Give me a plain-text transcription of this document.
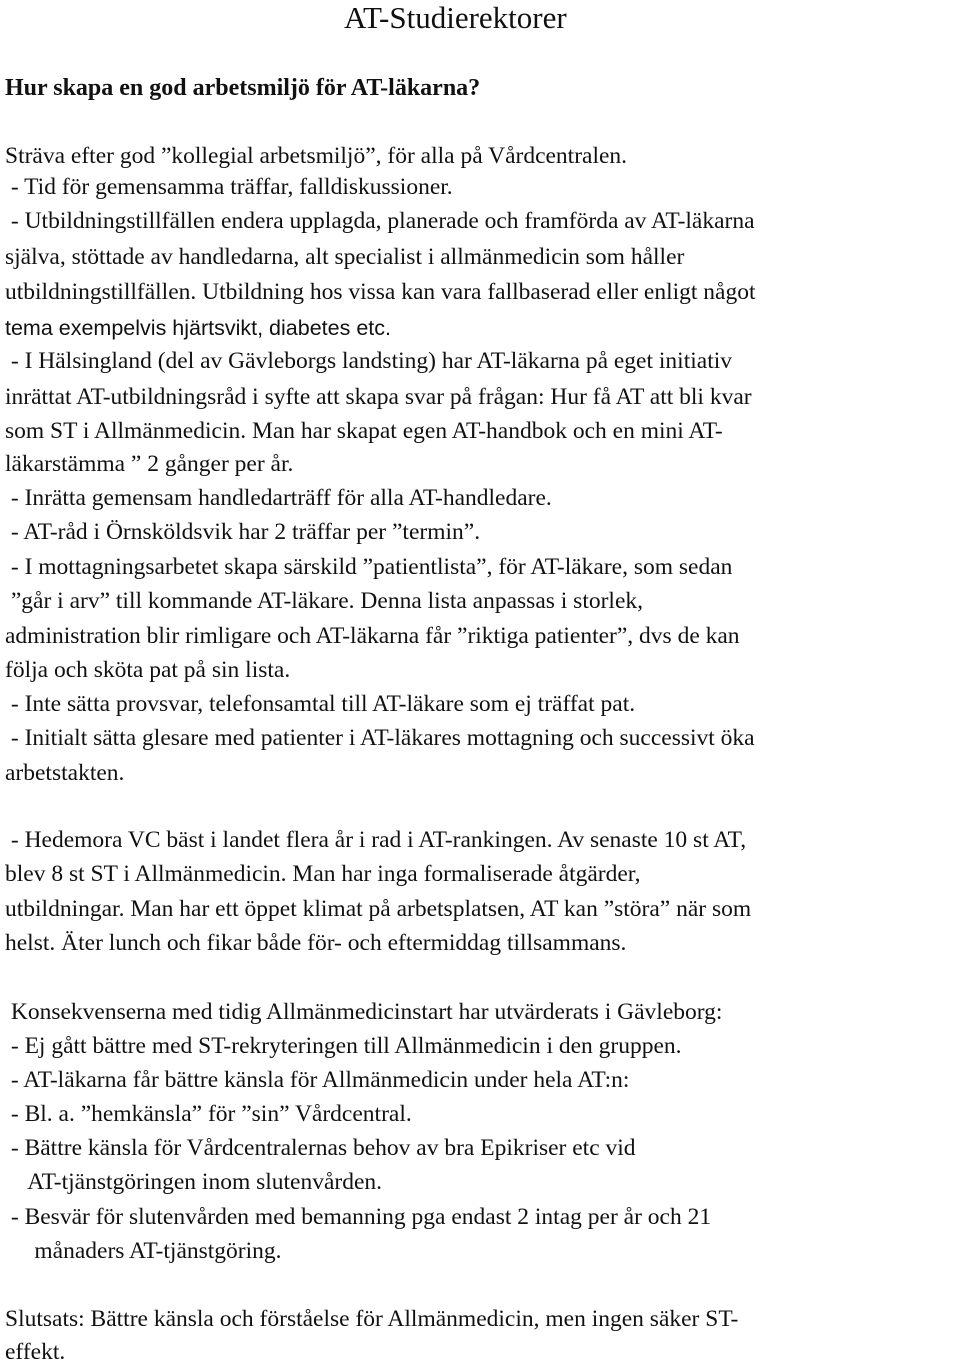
AT-Studierektorer
Hur skapa en god arbetsmiljö för AT-läkarna?
Sträva efter god ”kollegial arbetsmiljö”, för alla på Vårdcentralen.
- Tid för gemensamma träffar, falldiskussioner.
- Utbildningstillfällen endera upplagda, planerade och framförda av AT-läkarna
själva, stöttade av handledarna, alt specialist i allmänmedicin som håller
utbildningstillfällen. Utbildning hos vissa kan vara fallbaserad eller enligt något
tema exempelvis hjärtsvikt, diabetes etc.
- I Hälsingland (del av Gävleborgs landsting) har AT-läkarna på eget initiativ
inrättat AT-utbildningsråd i syfte att skapa svar på frågan: Hur få AT att bli kvar
som ST i Allmänmedicin. Man har skapat egen AT-handbok och en mini AT-
läkarstämma ” 2 gånger per år.
- Inrätta gemensam handledarträff för alla AT-handledare.
- AT-råd i Örnsköldsvik har 2 träffar per ”termin”.
- I mottagningsarbetet skapa särskild ”patientlista”, för AT-läkare, som sedan
”går i arv” till kommande AT-läkare. Denna lista anpassas i storlek,
administration blir rimligare och AT-läkarna får ”riktiga patienter”, dvs de kan
följa och sköta pat på sin lista.
- Inte sätta provsvar, telefonsamtal till AT-läkare som ej träffat pat.
- Initialt sätta glesare med patienter i AT-läkares mottagning och successivt öka
arbetstakten.
- Hedemora VC bäst i landet flera år i rad i AT-rankingen. Av senaste 10 st AT,
blev 8 st ST i Allmänmedicin. Man har inga formaliserade åtgärder,
utbildningar. Man har ett öppet klimat på arbetsplatsen, AT kan ”störa” när som
helst. Äter lunch och fikar både för- och eftermiddag tillsammans.
Konsekvenserna med tidig Allmänmedicinstart har utvärderats i Gävleborg:
- Ej gått bättre med ST-rekryteringen till Allmänmedicin i den gruppen.
- AT-läkarna får bättre känsla för Allmänmedicin under hela AT:n:
- Bl. a. ”hemkänsla” för ”sin” Vårdcentral.
- Bättre känsla för Vårdcentralernas behov av bra Epikriser etc vid
AT-tjänstgöringen inom slutenvården.
- Besvär för slutenvården med bemanning pga endast 2 intag per år och 21
månaders AT-tjänstgöring.
Slutsats: Bättre känsla och förståelse för Allmänmedicin, men ingen säker ST-
effekt.
